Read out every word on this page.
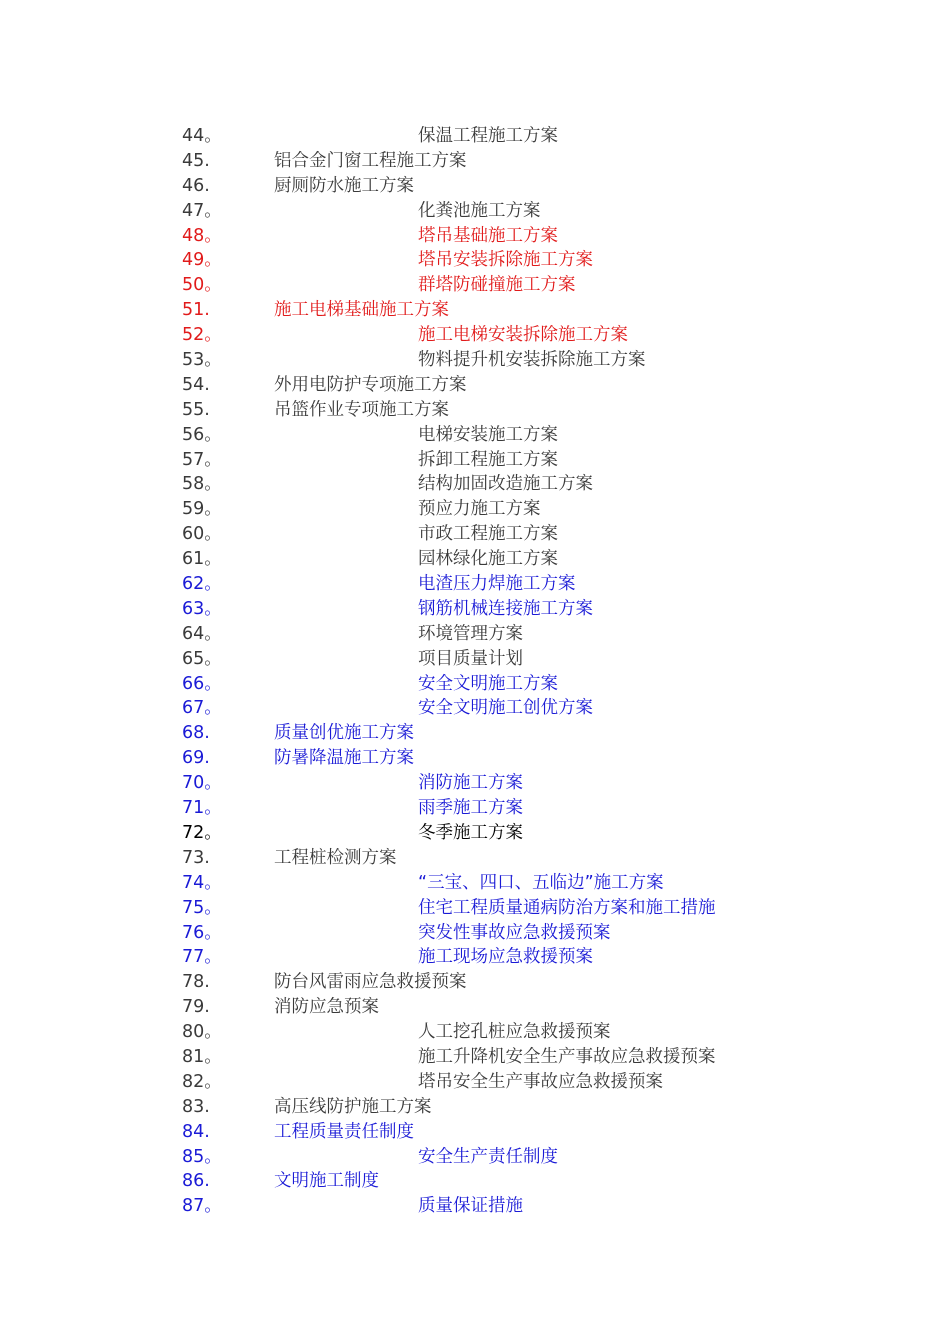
44。	保温工程施工方案
45.	铝合金门窗工程施工方案
46.	厨厕防水施工方案
47。	化粪池施工方案
48。	塔吊基础施工方案
49。	塔吊安装拆除施工方案
50。	群塔防碰撞施工方案
51.	施工电梯基础施工方案
52。	施工电梯安装拆除施工方案
53。	物料提升机安装拆除施工方案
54.	外用电防护专项施工方案
55.	吊篮作业专项施工方案
56。	电梯安装施工方案
57。	拆卸工程施工方案
58。	结构加固改造施工方案
59。	预应力施工方案
60。	市政工程施工方案
61。	园林绿化施工方案
62。	电渣压力焊施工方案
63。	钢筋机械连接施工方案
64。	环境管理方案
65。	项目质量计划
66。	安全文明施工方案
67。	安全文明施工创优方案
68.	质量创优施工方案
69.	防暑降温施工方案
70。	消防施工方案
71。	雨季施工方案
72。	冬季施工方案
73.	工程桩检测方案
74。	“三宝、四口、五临边”施工方案
75。	住宅工程质量通病防治方案和施工措施
76。	突发性事故应急救援预案
77。	施工现场应急救援预案
78.	防台风雷雨应急救援预案
79.	消防应急预案
80。	人工挖孔桩应急救援预案
81。	施工升降机安全生产事故应急救援预案
82。	塔吊安全生产事故应急救援预案
83.	高压线防护施工方案
84.	工程质量责任制度
85。	安全生产责任制度
86.	文明施工制度
87。	质量保证措施
